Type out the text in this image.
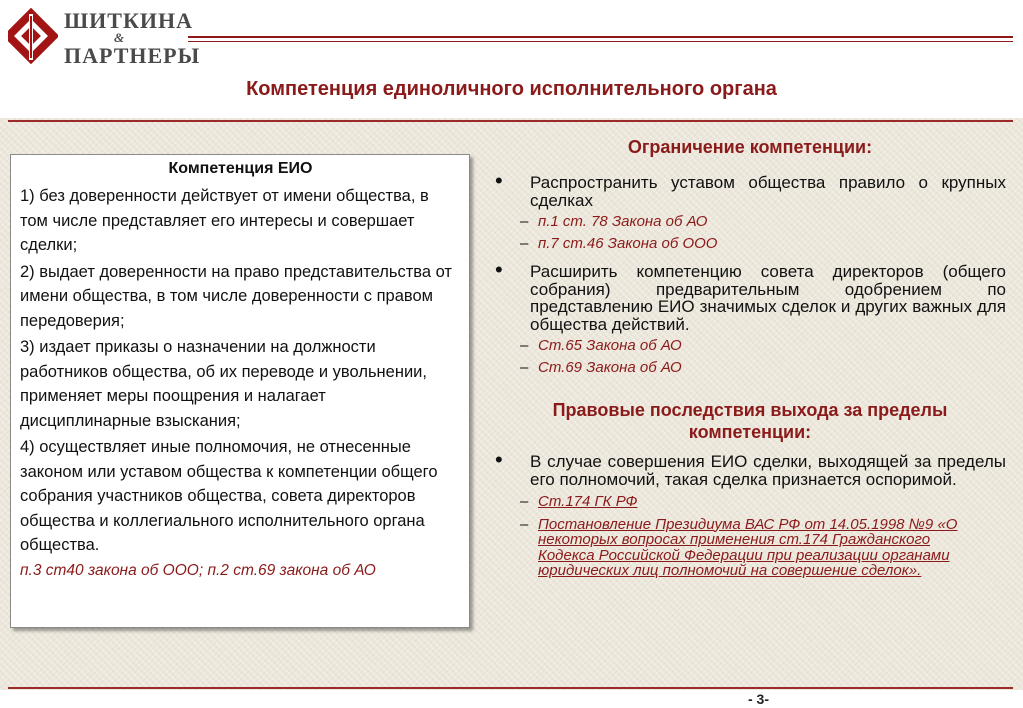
ШИТКИНА
&
ПАРТНЕРЫ
Компетенция единоличного исполнительного органа
Компетенция ЕИО
1) без доверенности действует от имени общества, в том числе представляет его интересы и совершает сделки;
2) выдает доверенности на право представительства от имени общества, в том числе доверенности с правом передоверия;
3) издает приказы о назначении на должности работников общества, об их переводе и увольнении, применяет меры поощрения и налагает дисциплинарные взыскания;
4) осуществляет иные полномочия, не отнесенные законом или уставом общества к компетенции общего собрания участников общества, совета директоров общества и коллегиального исполнительного органа общества.
п.3 ст40 закона об ООО; п.2 ст.69 закона об АО
Ограничение компетенции:
• Распространить уставом общества правило о крупных сделках
– п.1 ст. 78 Закона об АО
– п.7 ст.46 Закона об ООО
• Расширить компетенцию совета директоров (общего собрания) предварительным одобрением по представлению ЕИО значимых сделок и других важных для общества действий.
– Ст.65 Закона об АО
– Ст.69 Закона об АО
Правовые последствия выхода за пределы компетенции:
• В случае совершения ЕИО сделки, выходящей за пределы его полномочий, такая сделка признается оспоримой.
– Ст.174 ГК РФ
– Постановление Президиума ВАС РФ от 14.05.1998 №9 «О некоторых вопросах применения ст.174 Гражданского Кодекса Российской Федерации при реализации органами юридических лиц полномочий на совершение сделок».
- 3-
